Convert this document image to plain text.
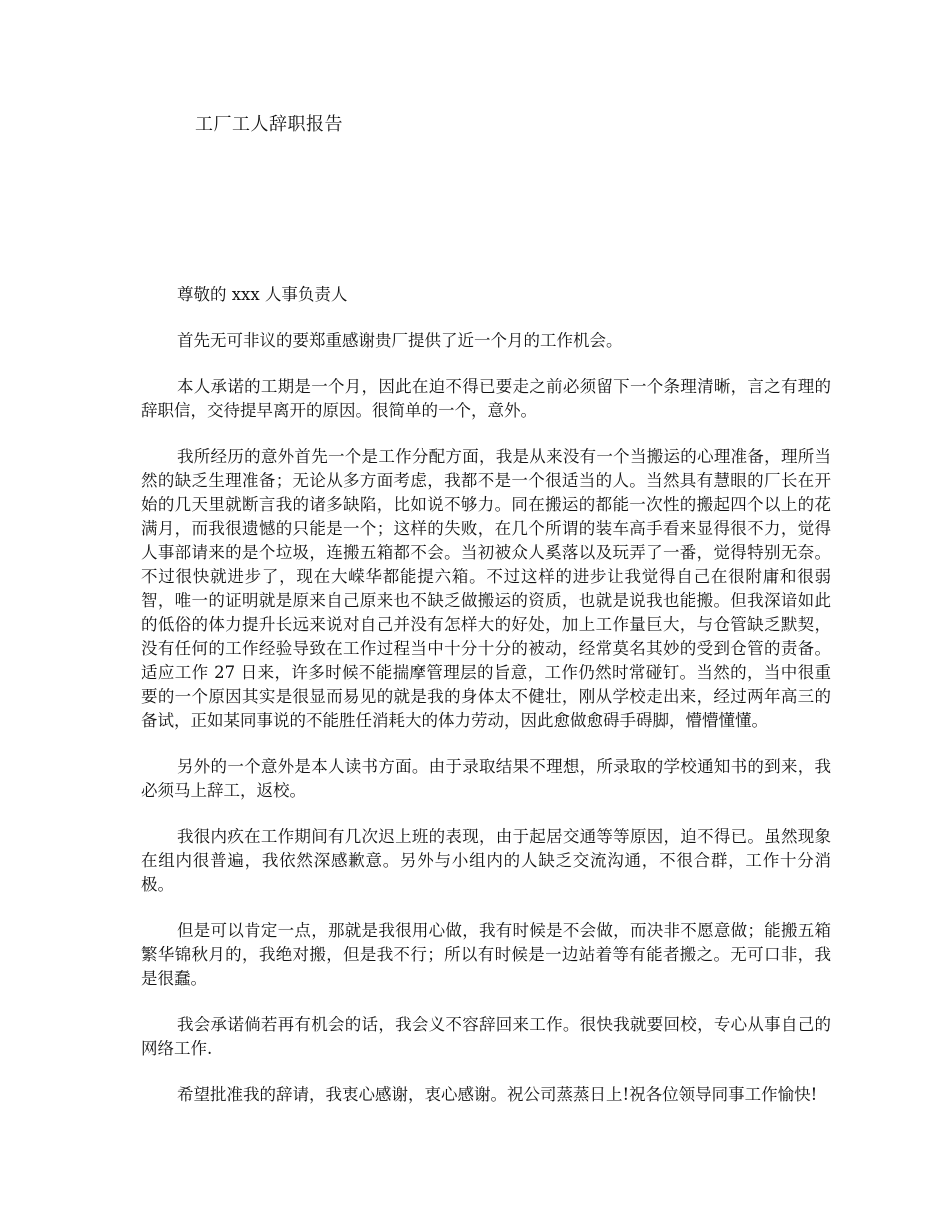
工厂工人辞职报告

尊敬的 xxx 人事负责人

首先无可非议的要郑重感谢贵厂提供了近一个月的工作机会。

本人承诺的工期是一个月，因此在迫不得已要走之前必须留下一个条理清晰，言之有理的辞职信，交待提早离开的原因。很简单的一个，意外。

我所经历的意外首先一个是工作分配方面，我是从来没有一个当搬运的心理准备，理所当然的缺乏生理准备；无论从多方面考虑，我都不是一个很适当的人。当然具有慧眼的厂长在开始的几天里就断言我的诸多缺陷，比如说不够力。同在搬运的都能一次性的搬起四个以上的花满月，而我很遗憾的只能是一个；这样的失败，在几个所谓的装车高手看来显得很不力，觉得人事部请来的是个垃圾，连搬五箱都不会。当初被众人奚落以及玩弄了一番，觉得特别无奈。不过很快就进步了，现在大嵘华都能提六箱。不过这样的进步让我觉得自己在很附庸和很弱智，唯一的证明就是原来自己原来也不缺乏做搬运的资质，也就是说我也能搬。但我深谙如此的低俗的体力提升长远来说对自己并没有怎样大的好处，加上工作量巨大，与仓管缺乏默契，没有任何的工作经验导致在工作过程当中十分十分的被动，经常莫名其妙的受到仓管的责备。适应工作 27 日来，许多时候不能揣摩管理层的旨意，工作仍然时常碰钉。当然的，当中很重要的一个原因其实是很显而易见的就是我的身体太不健壮，刚从学校走出来，经过两年高三的备试，正如某同事说的不能胜任消耗大的体力劳动，因此愈做愈碍手碍脚，懵懵懂懂。

另外的一个意外是本人读书方面。由于录取结果不理想，所录取的学校通知书的到来，我必须马上辞工，返校。

我很内疚在工作期间有几次迟上班的表现，由于起居交通等等原因，迫不得已。虽然现象在组内很普遍，我依然深感歉意。另外与小组内的人缺乏交流沟通，不很合群，工作十分消极。

但是可以肯定一点，那就是我很用心做，我有时候是不会做，而决非不愿意做；能搬五箱繁华锦秋月的，我绝对搬，但是我不行；所以有时候是一边站着等有能者搬之。无可口非，我是很蠢。

我会承诺倘若再有机会的话，我会义不容辞回来工作。很快我就要回校，专心从事自己的网络工作.

希望批准我的辞请，我衷心感谢，衷心感谢。祝公司蒸蒸日上!祝各位领导同事工作愉快!
